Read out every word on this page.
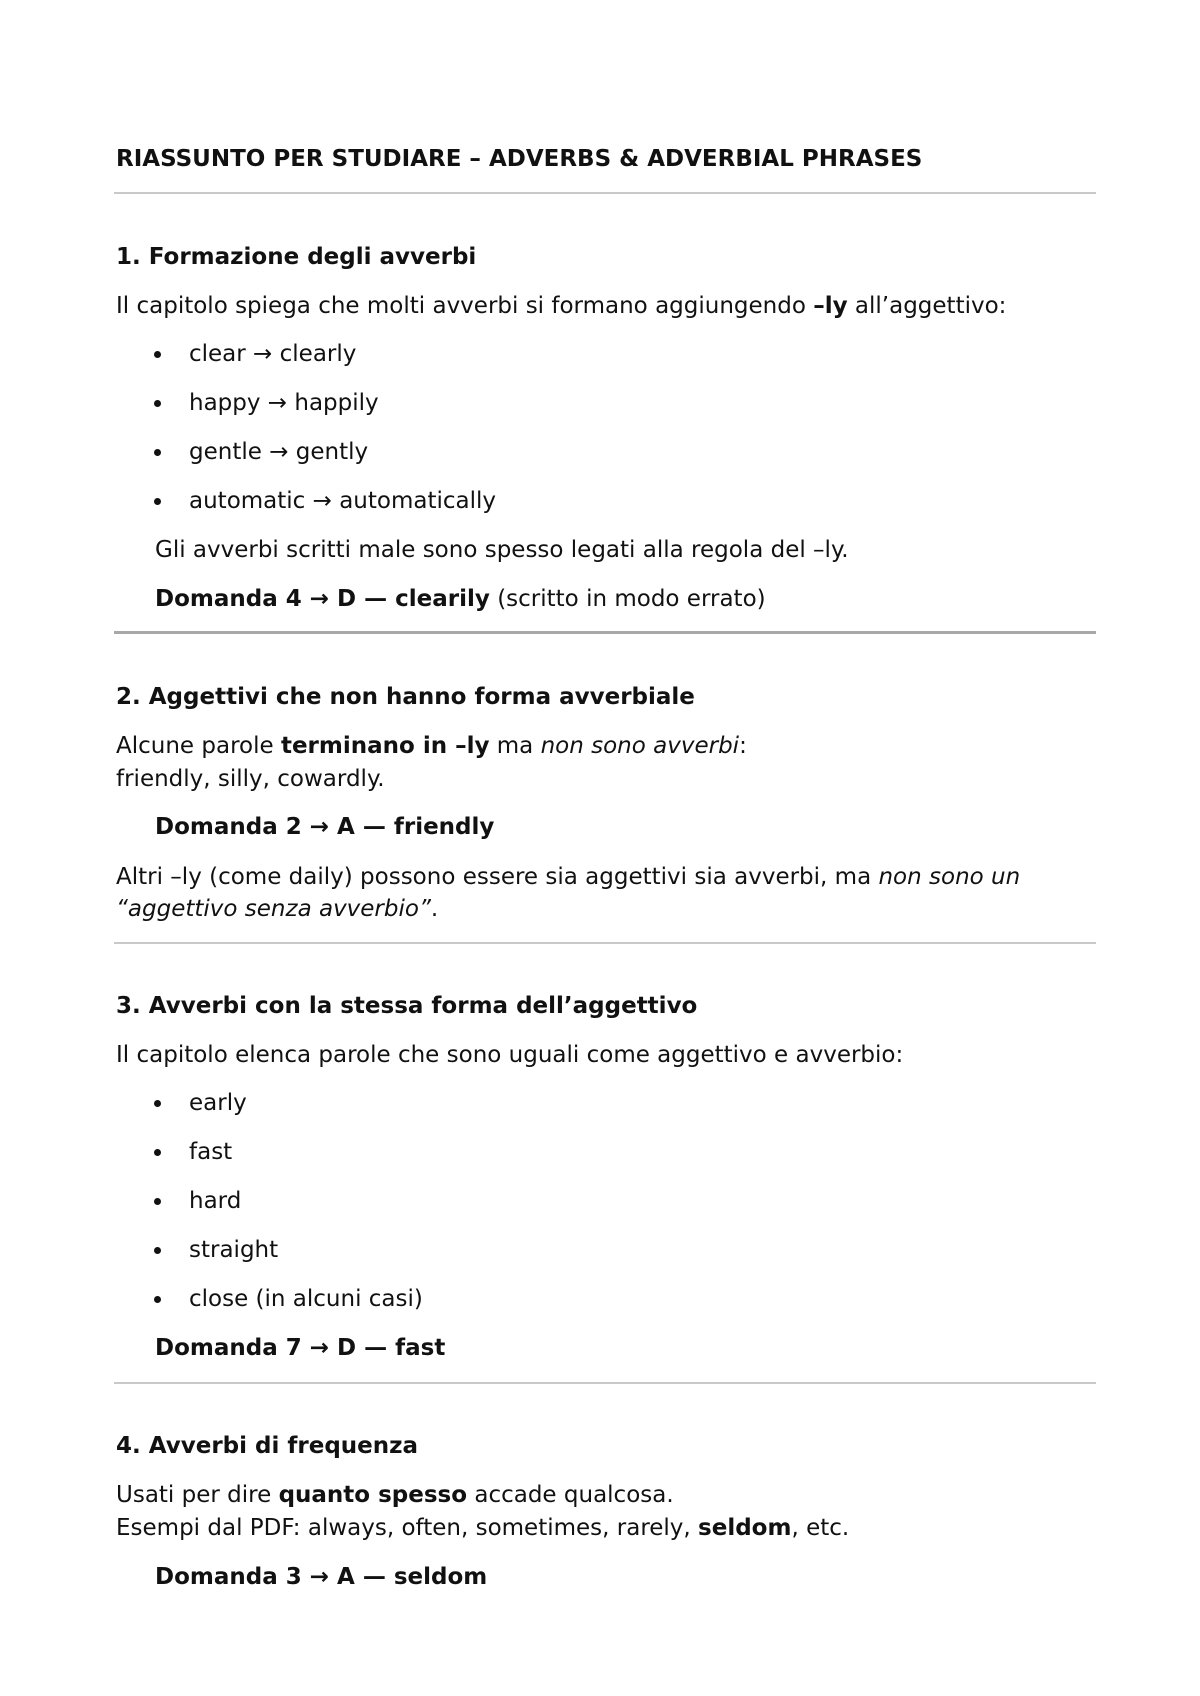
RIASSUNTO PER STUDIARE – ADVERBS & ADVERBIAL PHRASES
1. Formazione degli avverbi
Il capitolo spiega che molti avverbi si formano aggiungendo –ly all’aggettivo:
clear → clearly
happy → happily
gentle → gently
automatic → automatically
Gli avverbi scritti male sono spesso legati alla regola del –ly.
Domanda 4 → D — clearily (scritto in modo errato)
2. Aggettivi che non hanno forma avverbiale
Alcune parole terminano in –ly ma non sono avverbi:
friendly, silly, cowardly.
Domanda 2 → A — friendly
Altri –ly (come daily) possono essere sia aggettivi sia avverbi, ma non sono un
“aggettivo senza avverbio”.
3. Avverbi con la stessa forma dell’aggettivo
Il capitolo elenca parole che sono uguali come aggettivo e avverbio:
early
fast
hard
straight
close (in alcuni casi)
Domanda 7 → D — fast
4. Avverbi di frequenza
Usati per dire quanto spesso accade qualcosa.
Esempi dal PDF: always, often, sometimes, rarely, seldom, etc.
Domanda 3 → A — seldom
